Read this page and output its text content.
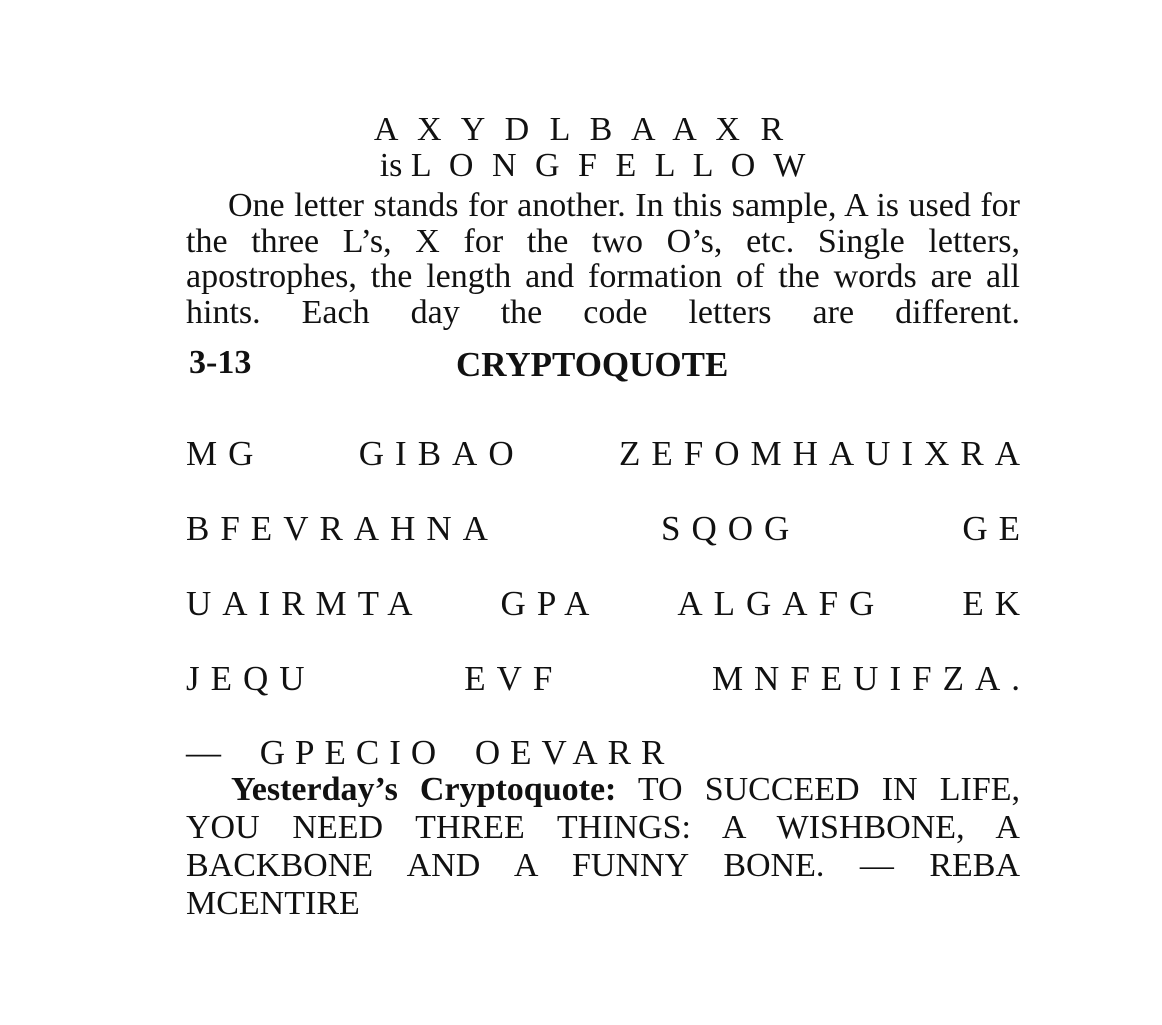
A X Y D L B A A X R
is L O N G F E L L O W
One letter stands for another. In this sample, A is used for the three L’s, X for the two O’s, etc. Single letters, apostrophes, the length and formation of the words are all hints. Each day the code letters are different.
3-13	CRYPTOQUOTE
MG	GIBAO	ZEFOMHAUIXRA
BFEVRAHNA	SQOG	GE
UAIRMTA GPA ALGAFG EK
JEQU	EVF	MNFEUIFZA.
— GPECIO OEVARR
Yesterday’s Cryptoquote: TO SUCCEED IN LIFE, YOU NEED THREE THINGS: A WISHBONE, A BACKBONE AND A FUNNY BONE. — REBA MCENTIRE
